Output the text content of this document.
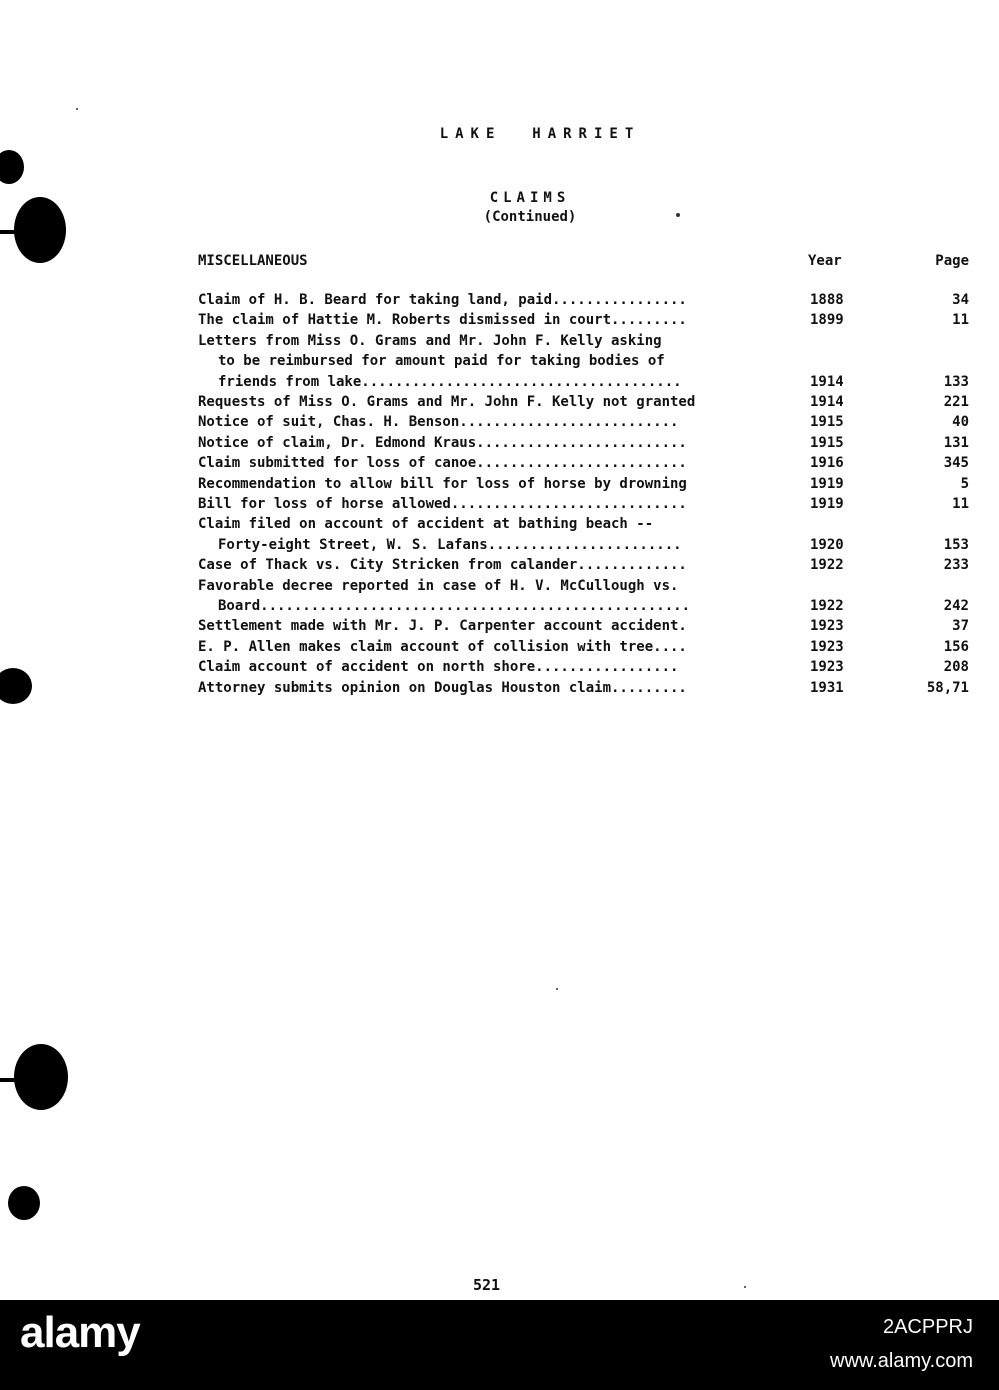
LAKE  HARRIET
CLAIMS
(Continued)
MISCELLANEOUS	Year	Page
Claim of H. B. Beard for taking land, paid................	1888	34
The claim of Hattie M. Roberts dismissed in court.........	1899	11
Letters from Miss O. Grams and Mr. John F. Kelly asking
to be reimbursed for amount paid for taking bodies of
friends from lake......................................	1914	133
Requests of Miss O. Grams and Mr. John F. Kelly not granted	1914	221
Notice of suit, Chas. H. Benson..........................	1915	40
Notice of claim, Dr. Edmond Kraus.........................	1915	131
Claim submitted for loss of canoe.........................	1916	345
Recommendation to allow bill for loss of horse by drowning	1919	5
Bill for loss of horse allowed............................	1919	11
Claim filed on account of accident at bathing beach --
Forty-eight Street, W. S. Lafans.......................	1920	153
Case of Thack vs. City Stricken from calander.............	1922	233
Favorable decree reported in case of H. V. McCullough vs.
Board...................................................	1922	242
Settlement made with Mr. J. P. Carpenter account accident.	1923	37
E. P. Allen makes claim account of collision with tree....	1923	156
Claim account of accident on north shore.................	1923	208
Attorney submits opinion on Douglas Houston claim.........	1931	58,71
521
alamy	2ACPPRJ
www.alamy.com
